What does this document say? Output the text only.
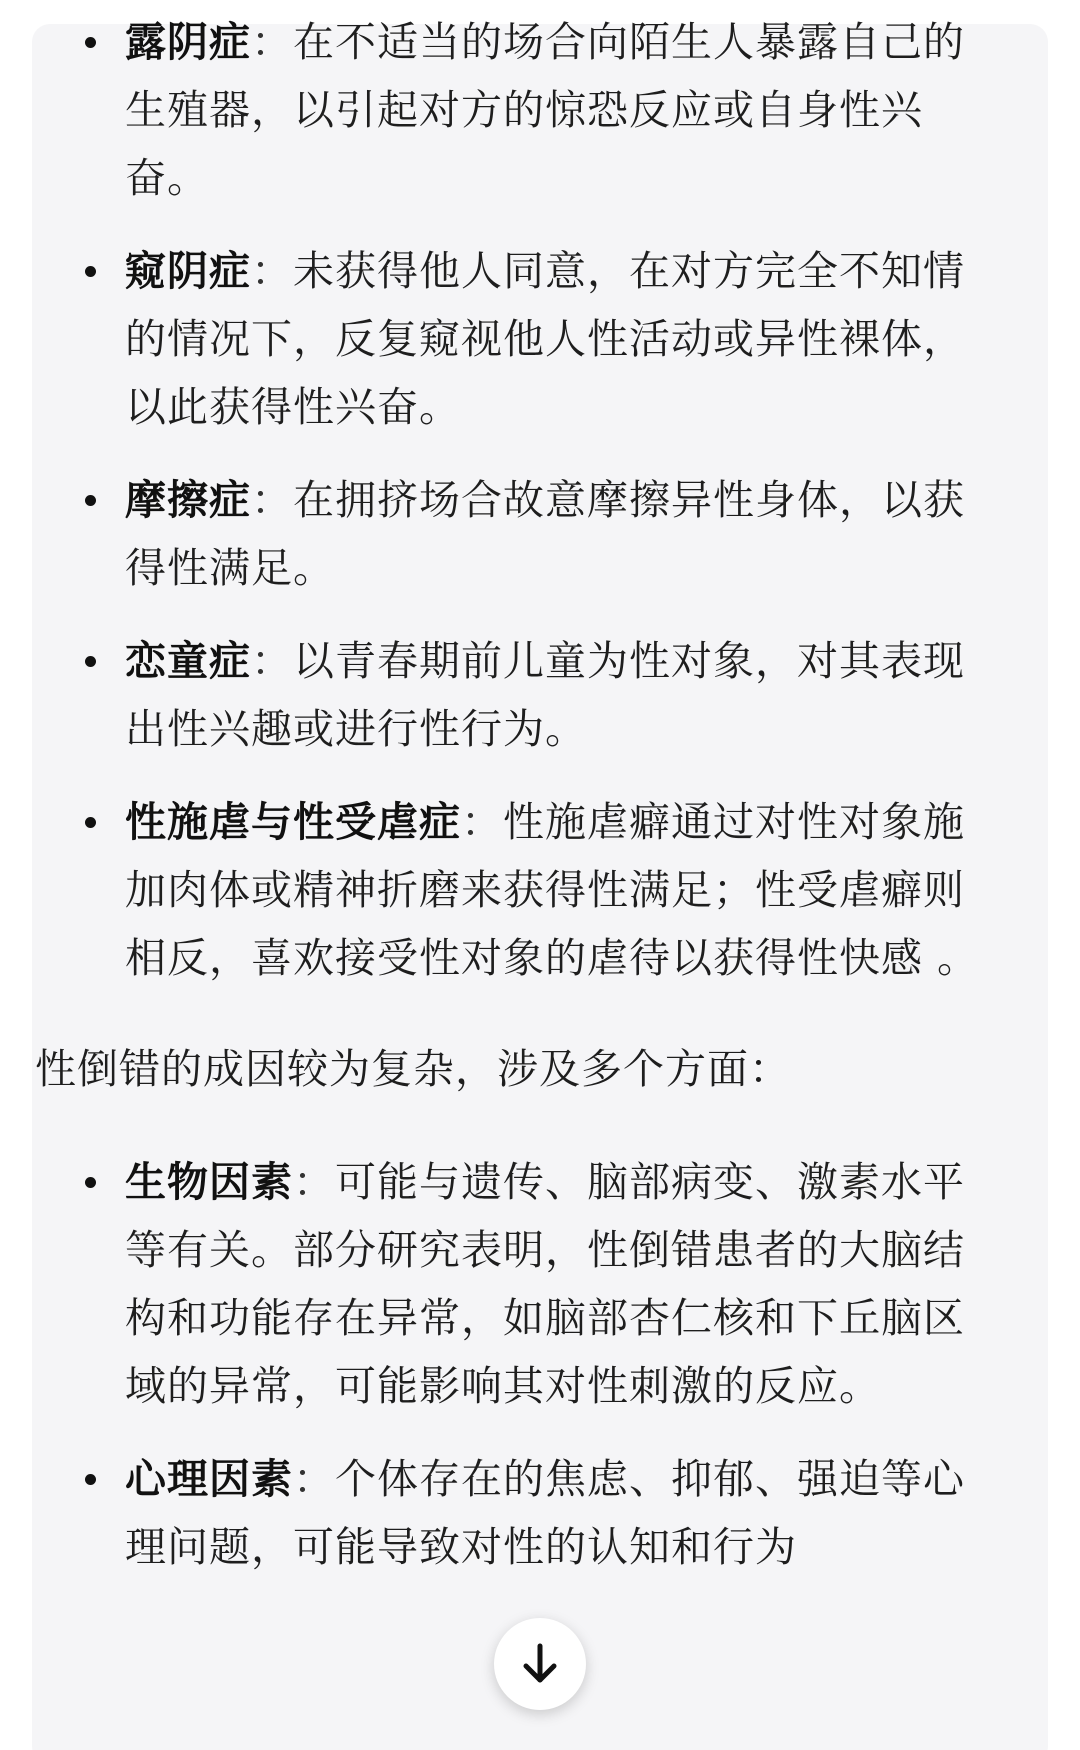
露阴症：在不适当的场合向陌生人暴露自己的生殖器，以引起对方的惊恐反应或自身性兴奋。
窥阴症：未获得他人同意，在对方完全不知情的情况下，反复窥视他人性活动或异性裸体，以此获得性兴奋。
摩擦症：在拥挤场合故意摩擦异性身体，以获得性满足。
恋童症：以青春期前儿童为性对象，对其表现出性兴趣或进行性行为。
性施虐与性受虐症：性施虐癖通过对性对象施加肉体或精神折磨来获得性满足；性受虐癖则相反，喜欢接受性对象的虐待以获得性快感 。

性倒错的成因较为复杂，涉及多个方面：

生物因素：可能与遗传、脑部病变、激素水平等有关。部分研究表明，性倒错患者的大脑结构和功能存在异常，如脑部杏仁核和下丘脑区域的异常，可能影响其对性刺激的反应。
心理因素：个体存在的焦虑、抑郁、强迫等心理问题，可能导致对性的认知和行为
